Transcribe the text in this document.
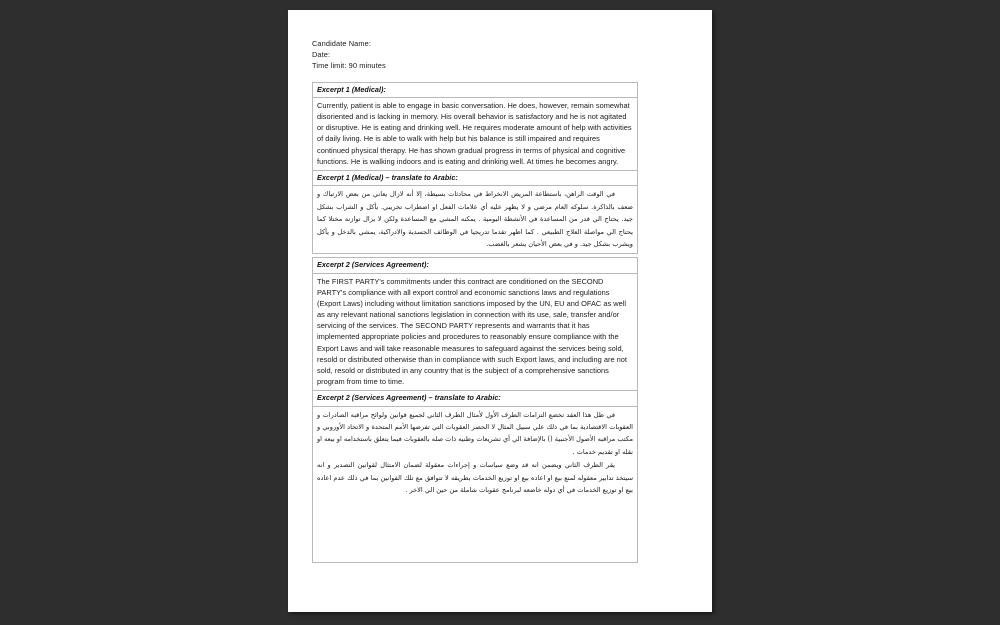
Candidate Name:
Date:
Time limit: 90 minutes
Excerpt 1 (Medical):
Currently, patient is able to engage in basic conversation. He does, however, remain somewhat disoriented and is lacking in memory. His overall behavior is satisfactory and he is not agitated or disruptive. He is eating and drinking well. He requires moderate amount of help with activities of daily living. He is able to walk with help but his balance is still impaired and requires continued physical therapy. He has shown gradual progress in terms of physical and cognitive functions. He is walking indoors and is eating and drinking well. At times he becomes angry.
Excerpt 1 (Medical) – translate to Arabic:

في الوقت الراهن، باستطاعة المريض الانخراط في محادثات بسيطة، إلا أنه لازال يعاني من بعض الارتباك و ضعف بالذاكرة. سلوكه العام مرضي و لا يظهر عليه أي علامات الفعل او اضطراب تخريبي. يأكل و الشراب بشكل جيد. يحتاج الي قدر من المساعدة في الأنشطة اليومية . يمكنه المشي مع المساعدة ولكن لا يزال توازنه مختلا كما يحتاج الي مواصلة العلاج الطبيعي . كما اظهر تقدما تدريجيا في الوظائف الجسدية والادراكية، يمشي بالدخل و يأكل ويشرب بشكل جيد. و في بعض الأحيان يشعر بالغضب.

Excerpt 2 (Services Agreement):
The FIRST PARTY's commitments under this contract are conditioned on the SECOND PARTY's compliance with all export control and economic sanctions laws and regulations (Export Laws) including without limitation sanctions imposed by the UN, EU and OFAC as well as any relevant national sanctions legislation in connection with its use, sale, transfer and/or servicing of the services. The SECOND PARTY represents and warrants that it has implemented appropriate policies and procedures to reasonably ensure compliance with the Export Laws and will take reasonable measures to safeguard against the services being sold, resold or distributed otherwise than in compliance with such Export laws, and including are not sold, resold or distributed in any country that is the subject of a comprehensive sanctions program from time to time.
Excerpt 2 (Services Agreement) – translate to Arabic:

في ظل هذا العقد تخضع التزامات الطرف الأول لأمثال الطرف الثاني لجميع قوانين ولوائح مراقبه الصادرات و العقوبات الاقتصادية بما في ذلك علي سبيل المثال لا الحصر العقوبات التي تفرضها الأمم المتحدة و الاتحاد الأوروبي و مكتب مراقبه الأصول الأجنبية () بالإضافة الي أي تشريعات وطنيه ذات صله بالعقوبات فيما يتعلق باستخدامه او بيعه او نقله او تقديم خدمات .

يقر الطرف الثاني ويضمن انه قد وضع سياسات و إجراءات معقولة لضمان الامتثال لقوانين التصدير و انه سيتخذ تدابير معقوله لمنع بيع او اعاده بيع او توزيع الخدمات بطريقه لا تتوافق مع تلك القوانين بما في ذلك عدم اعاده بيع او توزيع الخدمات في أي دوله خاضعه لبرنامج عقوبات شاملة من حين الي الاخر .
